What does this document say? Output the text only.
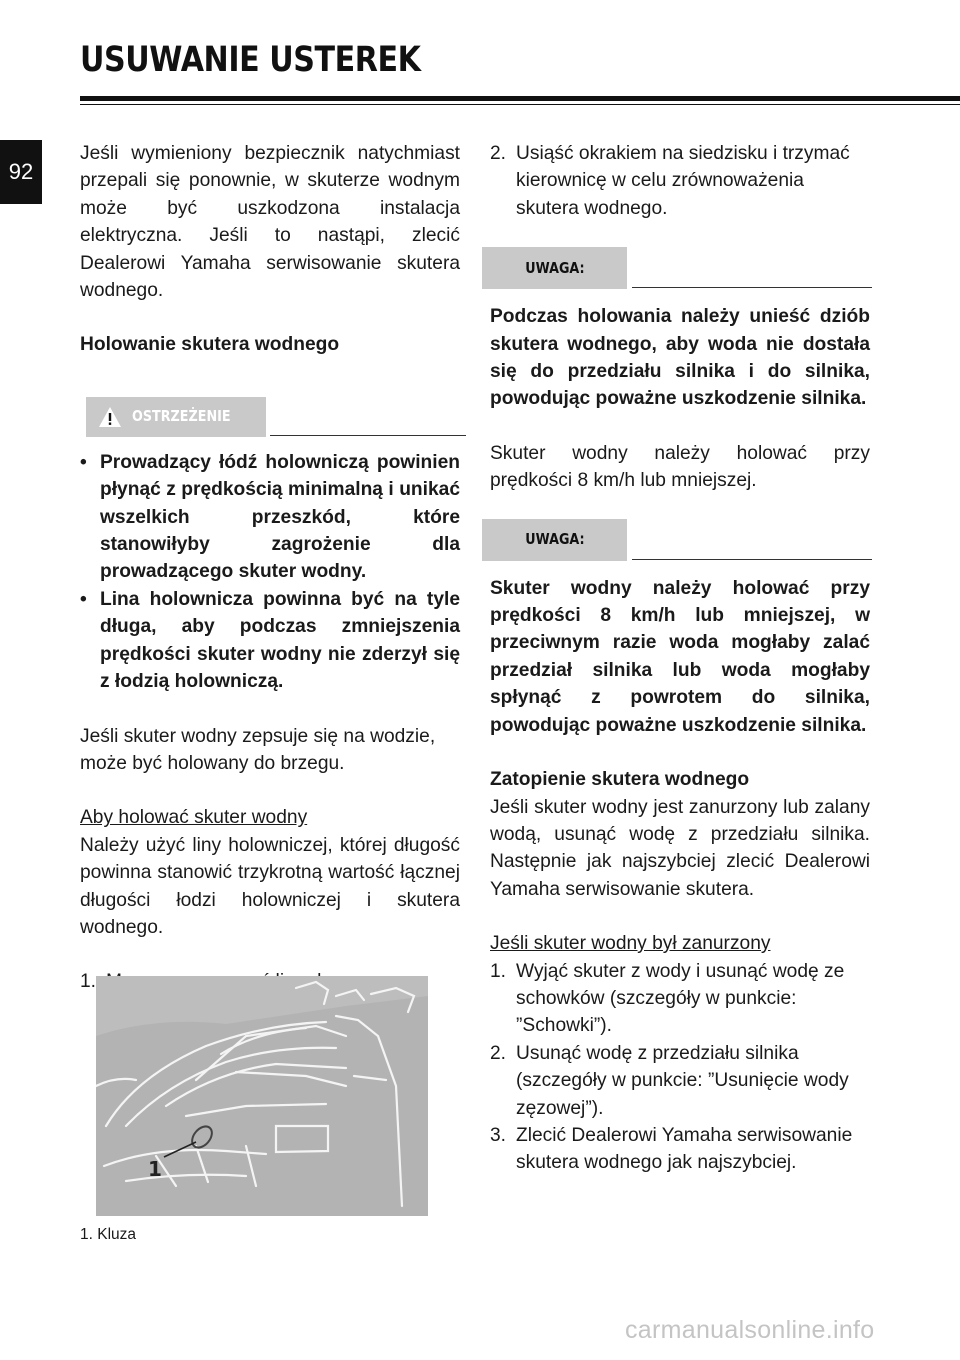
USUWANIE USTEREK
92

Jeśli wymieniony bezpiecznik natychmiast przepali się ponownie, w skuterze wodnym może być uszkodzona instalacja elektryczna. Jeśli to nastąpi, zlecić Dealerowi Yamaha serwisowanie skutera wodnego.

Holowanie skutera wodnego

OSTRZEŻENIE
• Prowadzący łódź holowniczą powinien płynąć z prędkością minimalną i unikać wszelkich przeszkód, które stanowiłyby zagrożenie dla prowadzącego skuter wodny.
• Lina holownicza powinna być na tyle długa, aby podczas zmniejszenia prędkości skuter wodny nie zderzył się z łodzią holowniczą.

Jeśli skuter wodny zepsuje się na wodzie, może być holowany do brzegu.

Aby holować skuter wodny

Należy użyć liny holowniczej, której długość powinna stanowić trzykrotną wartość łącznej długości łodzi holowniczej i skutera wodnego.

1.
1
1. Kluza
2. Usiąść okrakiem na siedzisku i trzymać kierownicę w celu zrównoważenia skutera wodnego.
UWAGA:

Podczas holowania należy unieść dziób skutera wodnego, aby woda nie dostała się do przedziału silnika i do silnika, powodując poważne uszkodzenie silnika.

Skuter wodny należy holować przy prędkości 8 km/h lub mniejszej.

UWAGA:

Skuter wodny należy holować przy prędkości 8 km/h lub mniejszej, w przeciwnym razie woda mogłaby zalać przedział silnika lub woda mogłaby spłynąć z powrotem do silnika, powodując poważne uszkodzenie silnika.

Zatopienie skutera wodnego

Jeśli skuter wodny jest zanurzony lub zalany wodą, usunąć wodę z przedziału silnika. Następnie jak najszybciej zlecić Dealerowi Yamaha serwisowanie skutera.

Jeśli skuter wodny był zanurzony

1. Wyjąć skuter z wody i usunąć wodę ze schowków (szczegóły w punkcie: ”Schowki”).
2. Usunąć wodę z przedziału silnika (szczegóły w punkcie: ”Usunięcie wody zęzowej”).
3. Zlecić Dealerowi Yamaha serwisowanie skutera wodnego jak najszybciej.
carmanualsonline.info
